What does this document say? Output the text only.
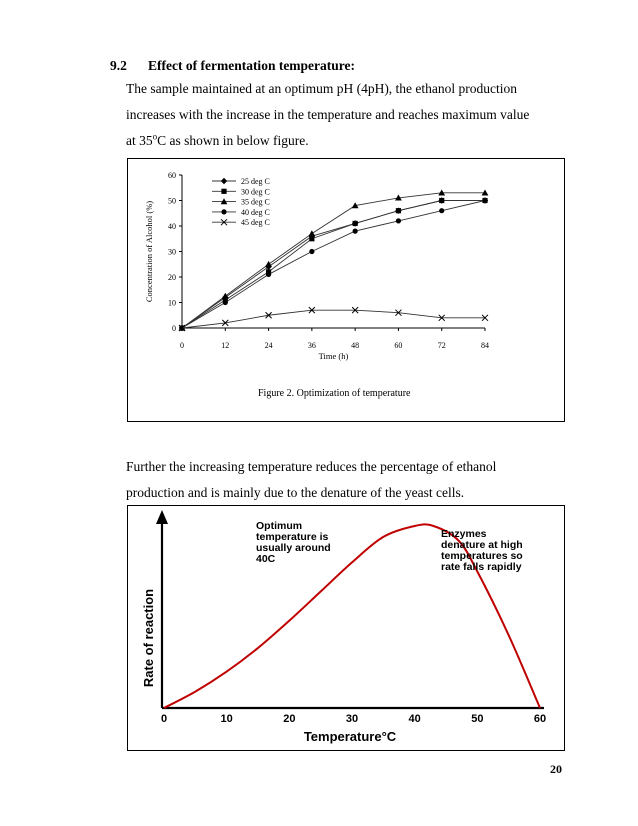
9.2 Effect of fermentation temperature:
The sample maintained at an optimum pH (4pH), the ethanol production
increases with the increase in the temperature and reaches maximum value
at 35$^o$C as shown in below figure.
0
10
20
30
40
50
60
0	12	24	36	48	60	72	84
Time (h)
Concentration of Alcohol (%)
25 deg C
30 deg C
35 deg C
40 deg C
45 deg C
Figure 2. Optimization of temperature
Further the increasing temperature reduces the percentage of ethanol
production and is mainly due to the denature of the yeast cells.
0	10	20	30	40	50	60
Temperature°C
Rate of reaction
Optimum
temperature is
usually around
40C
Enzymes
denature at high
temperatures so
rate falls rapidly
20
